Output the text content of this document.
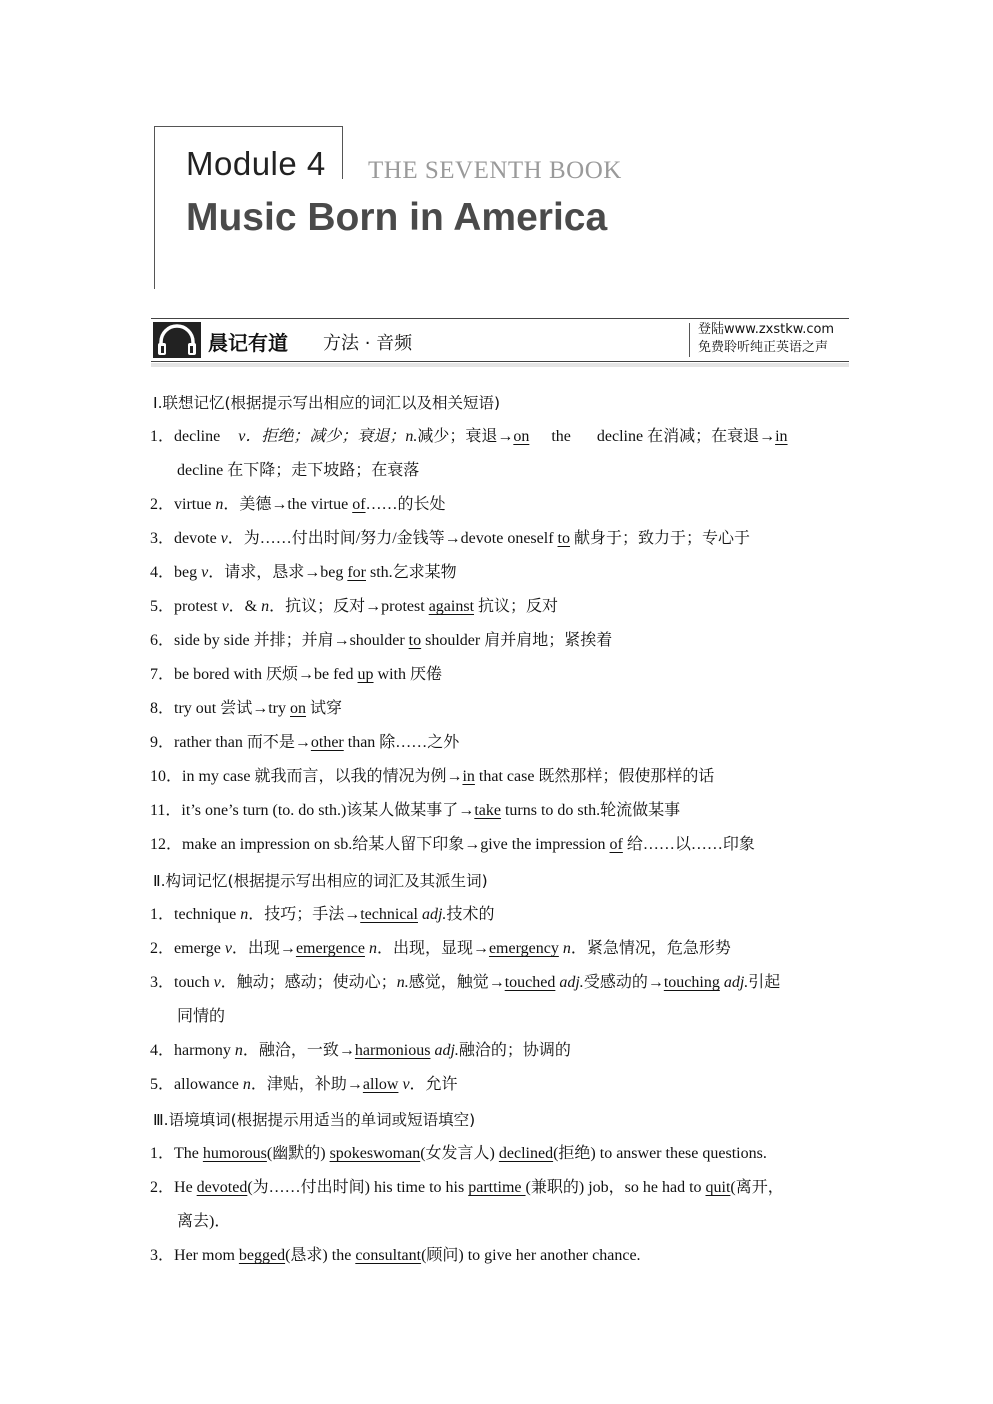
Module 4 THE SEVENTH BOOK
Music Born in America
晨记有道 方法 · 音频
登陆www.zxstkw.com
免费聆听纯正英语之声
Ⅰ.联想记忆(根据提示写出相应的词汇以及相关短语)
1．decline v．拒绝；减少；衰退；n.减少；衰退→on the decline 在消减；在衰退→in
decline 在下降；走下坡路；在衰落
2．virtue n．美德→the virtue of……的长处
3．devote v．为……付出时间/努力/金钱等→devote oneself to 献身于；致力于；专心于
4．beg v．请求，恳求→beg for sth.乞求某物
5．protest v．& n．抗议；反对→protest against 抗议；反对
6．side by side 并排；并肩→shoulder to shoulder 肩并肩地；紧挨着
7．be bored with 厌烦→be fed up with 厌倦
8．try out 尝试→try on 试穿
9．rather than 而不是→other than 除……之外
10．in my case 就我而言，以我的情况为例→in that case 既然那样；假使那样的话
11．it’s one’s turn (to. do sth.)该某人做某事了→take turns to do sth.轮流做某事
12．make an impression on sb.给某人留下印象→give the impression of 给……以……印象
Ⅱ.构词记忆(根据提示写出相应的词汇及其派生词)
1．technique n．技巧；手法→technical adj.技术的
2．emerge v．出现→emergence n．出现，显现→emergency n．紧急情况，危急形势
3．touch v．触动；感动；使动心；n.感觉，触觉→touched adj.受感动的→touching adj.引起
同情的
4．harmony n．融洽，一致→harmonious adj.融洽的；协调的
5．allowance n．津贴，补助→allow v．允许
Ⅲ.语境填词(根据提示用适当的单词或短语填空)
1．The humorous(幽默的) spokeswoman(女发言人) declined(拒绝) to answer these questions.
2．He devoted(为……付出时间) his time to his parttime (兼职的) job，so he had to quit(离开，
离去)．
3．Her mom begged(恳求) the consultant(顾问) to give her another chance.
